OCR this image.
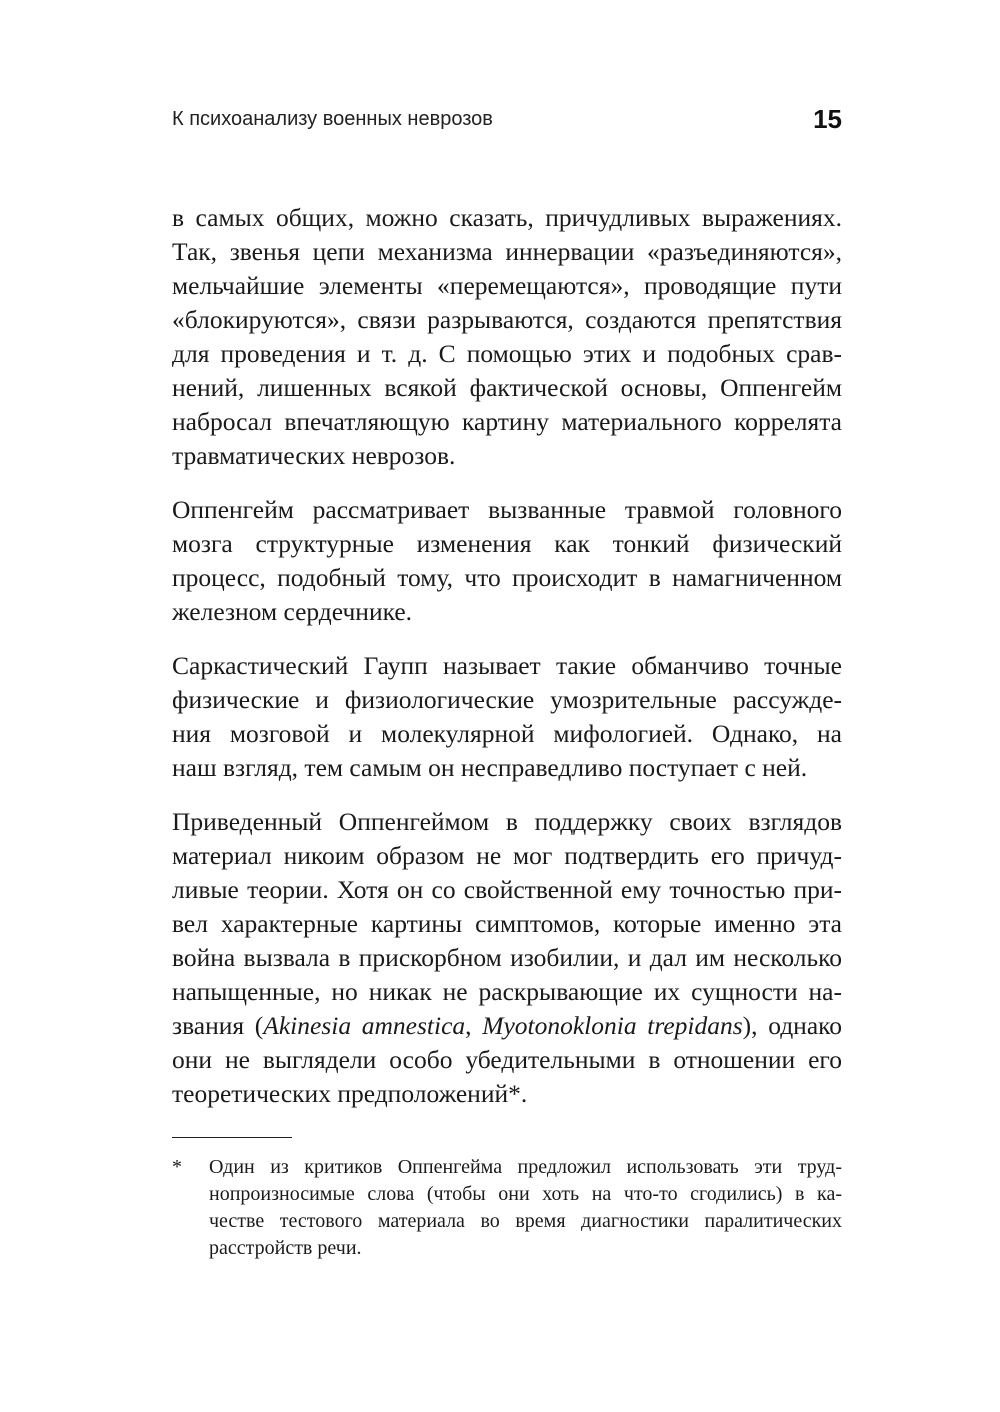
К психоанализу военных неврозов	15

в самых общих, можно сказать, причудливых выражениях.
Так, звенья цепи механизма иннервации «разъединяются»,
мельчайшие элементы «перемещаются», проводящие пути
«блокируются», связи разрываются, создаются препятствия
для проведения и т. д. С помощью этих и подобных срав-
нений, лишенных всякой фактической основы, Оппенгейм
набросал впечатляющую картину материального коррелята
травматических неврозов.

Оппенгейм рассматривает вызванные травмой головного
мозга структурные изменения как тонкий физический
процесс, подобный тому, что происходит в намагниченном
железном сердечнике.

Саркастический Гаупп называет такие обманчиво точные
физические и физиологические умозрительные рассужде-
ния мозговой и молекулярной мифологией. Однако, на
наш взгляд, тем самым он несправедливо поступает с ней.

Приведенный Оппенгеймом в поддержку своих взглядов
материал никоим образом не мог подтвердить его причуд-
ливые теории. Хотя он со свойственной ему точностью при-
вел характерные картины симптомов, которые именно эта
война вызвала в прискорбном изобилии, и дал им несколько
напыщенные, но никак не раскрывающие их сущности на-
звания (Akinesia amnestica, Myotonoklonia trepidans), однако
они не выглядели особо убедительными в отношении его
теоретических предположений*.

* Один из критиков Оппенгейма предложил использовать эти труд-
нопроизносимые слова (чтобы они хоть на что-то сгодились) в ка-
честве тестового материала во время диагностики паралитических
расстройств речи.
